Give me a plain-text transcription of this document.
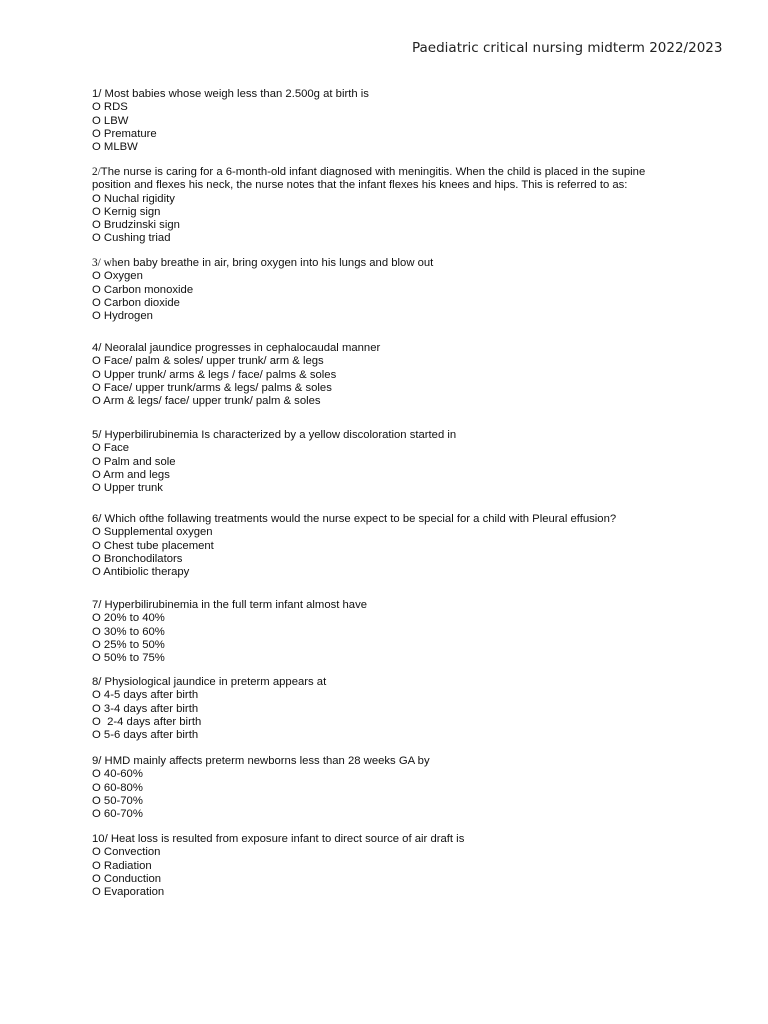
Paediatric critical nursing midterm 2022/2023
1/ Most babies whose weigh less than 2.500g at birth is
O RDS
O LBW
O Premature
O MLBW
2/The nurse is caring for a 6-month-old infant diagnosed with meningitis. When the child is placed in the supine position and flexes his neck, the nurse notes that the infant flexes his knees and hips. This is referred to as:
O Nuchal rigidity
O Kernig sign
O Brudzinski sign
O Cushing triad
3/ when baby breathe in air, bring oxygen into his lungs and blow out
O Oxygen
O Carbon monoxide
O Carbon dioxide
O Hydrogen
4/ Neoralal jaundice progresses in cephalocaudal manner
O Face/ palm & soles/ upper trunk/ arm & legs
O Upper trunk/ arms & legs / face/ palms & soles
O Face/ upper trunk/arms & legs/ palms & soles
O Arm & legs/ face/ upper trunk/ palm & soles
5/ Hyperbilirubinemia Is characterized by a yellow discoloration started in
O Face
O Palm and sole
O Arm and legs
O Upper trunk
6/ Which ofthe follawing treatments would the nurse expect to be special for a child with Pleural effusion?
O Supplemental oxygen
O Chest tube placement
O Bronchodilators
O Antibiolic therapy
7/ Hyperbilirubinemia in the full term infant almost have
O 20% to 40%
O 30% to 60%
O 25% to 50%
O 50% to 75%
8/ Physiological jaundice in preterm appears at
O 4-5 days after birth
O 3-4 days after birth
O  2-4 days after birth
O 5-6 days after birth
9/ HMD mainly affects preterm newborns less than 28 weeks GA by
O 40-60%
O 60-80%
O 50-70%
O 60-70%
10/ Heat loss is resulted from exposure infant to direct source of air draft is
O Convection
O Radiation
O Conduction
O Evaporation
